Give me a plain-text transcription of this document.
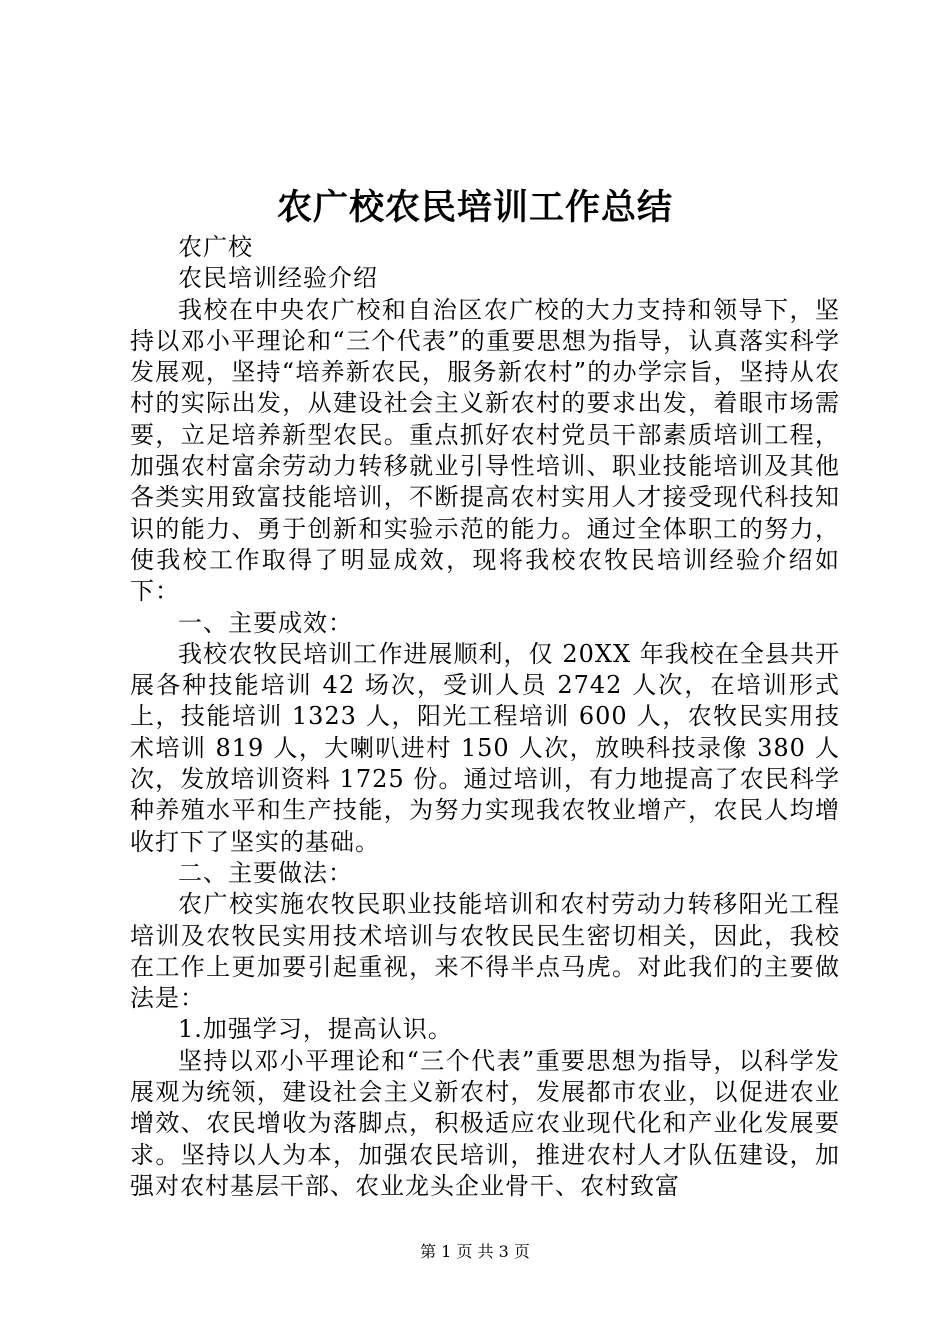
农广校农民培训工作总结

农广校

农民培训经验介绍

我校在中央农广校和自治区农广校的大力支持和领导下，坚持以邓小平理论和“三个代表”的重要思想为指导，认真落实科学发展观，坚持“培养新农民，服务新农村”的办学宗旨，坚持从农村的实际出发，从建设社会主义新农村的要求出发，着眼市场需要，立足培养新型农民。重点抓好农村党员干部素质培训工程，加强农村富余劳动力转移就业引导性培训、职业技能培训及其他各类实用致富技能培训，不断提高农村实用人才接受现代科技知识的能力、勇于创新和实验示范的能力。通过全体职工的努力，使我校工作取得了明显成效，现将我校农牧民培训经验介绍如下：

一、主要成效：

我校农牧民培训工作进展顺利，仅 20XX 年我校在全县共开展各种技能培训 42 场次，受训人员 2742 人次，在培训形式上，技能培训 1323 人，阳光工程培训 600 人，农牧民实用技术培训 819 人，大喇叭进村 150 人次，放映科技录像 380 人次，发放培训资料 1725 份。通过培训，有力地提高了农民科学种养殖水平和生产技能，为努力实现我农牧业增产，农民人均增收打下了坚实的基础。

二、主要做法：

农广校实施农牧民职业技能培训和农村劳动力转移阳光工程培训及农牧民实用技术培训与农牧民民生密切相关，因此，我校在工作上更加要引起重视，来不得半点马虎。对此我们的主要做法是：

1.加强学习，提高认识。

坚持以邓小平理论和“三个代表”重要思想为指导，以科学发展观为统领，建设社会主义新农村，发展都市农业，以促进农业增效、农民增收为落脚点，积极适应农业现代化和产业化发展要求。坚持以人为本，加强农民培训，推进农村人才队伍建设，加强对农村基层干部、农业龙头企业骨干、农村致富

第 1 页 共 3 页
